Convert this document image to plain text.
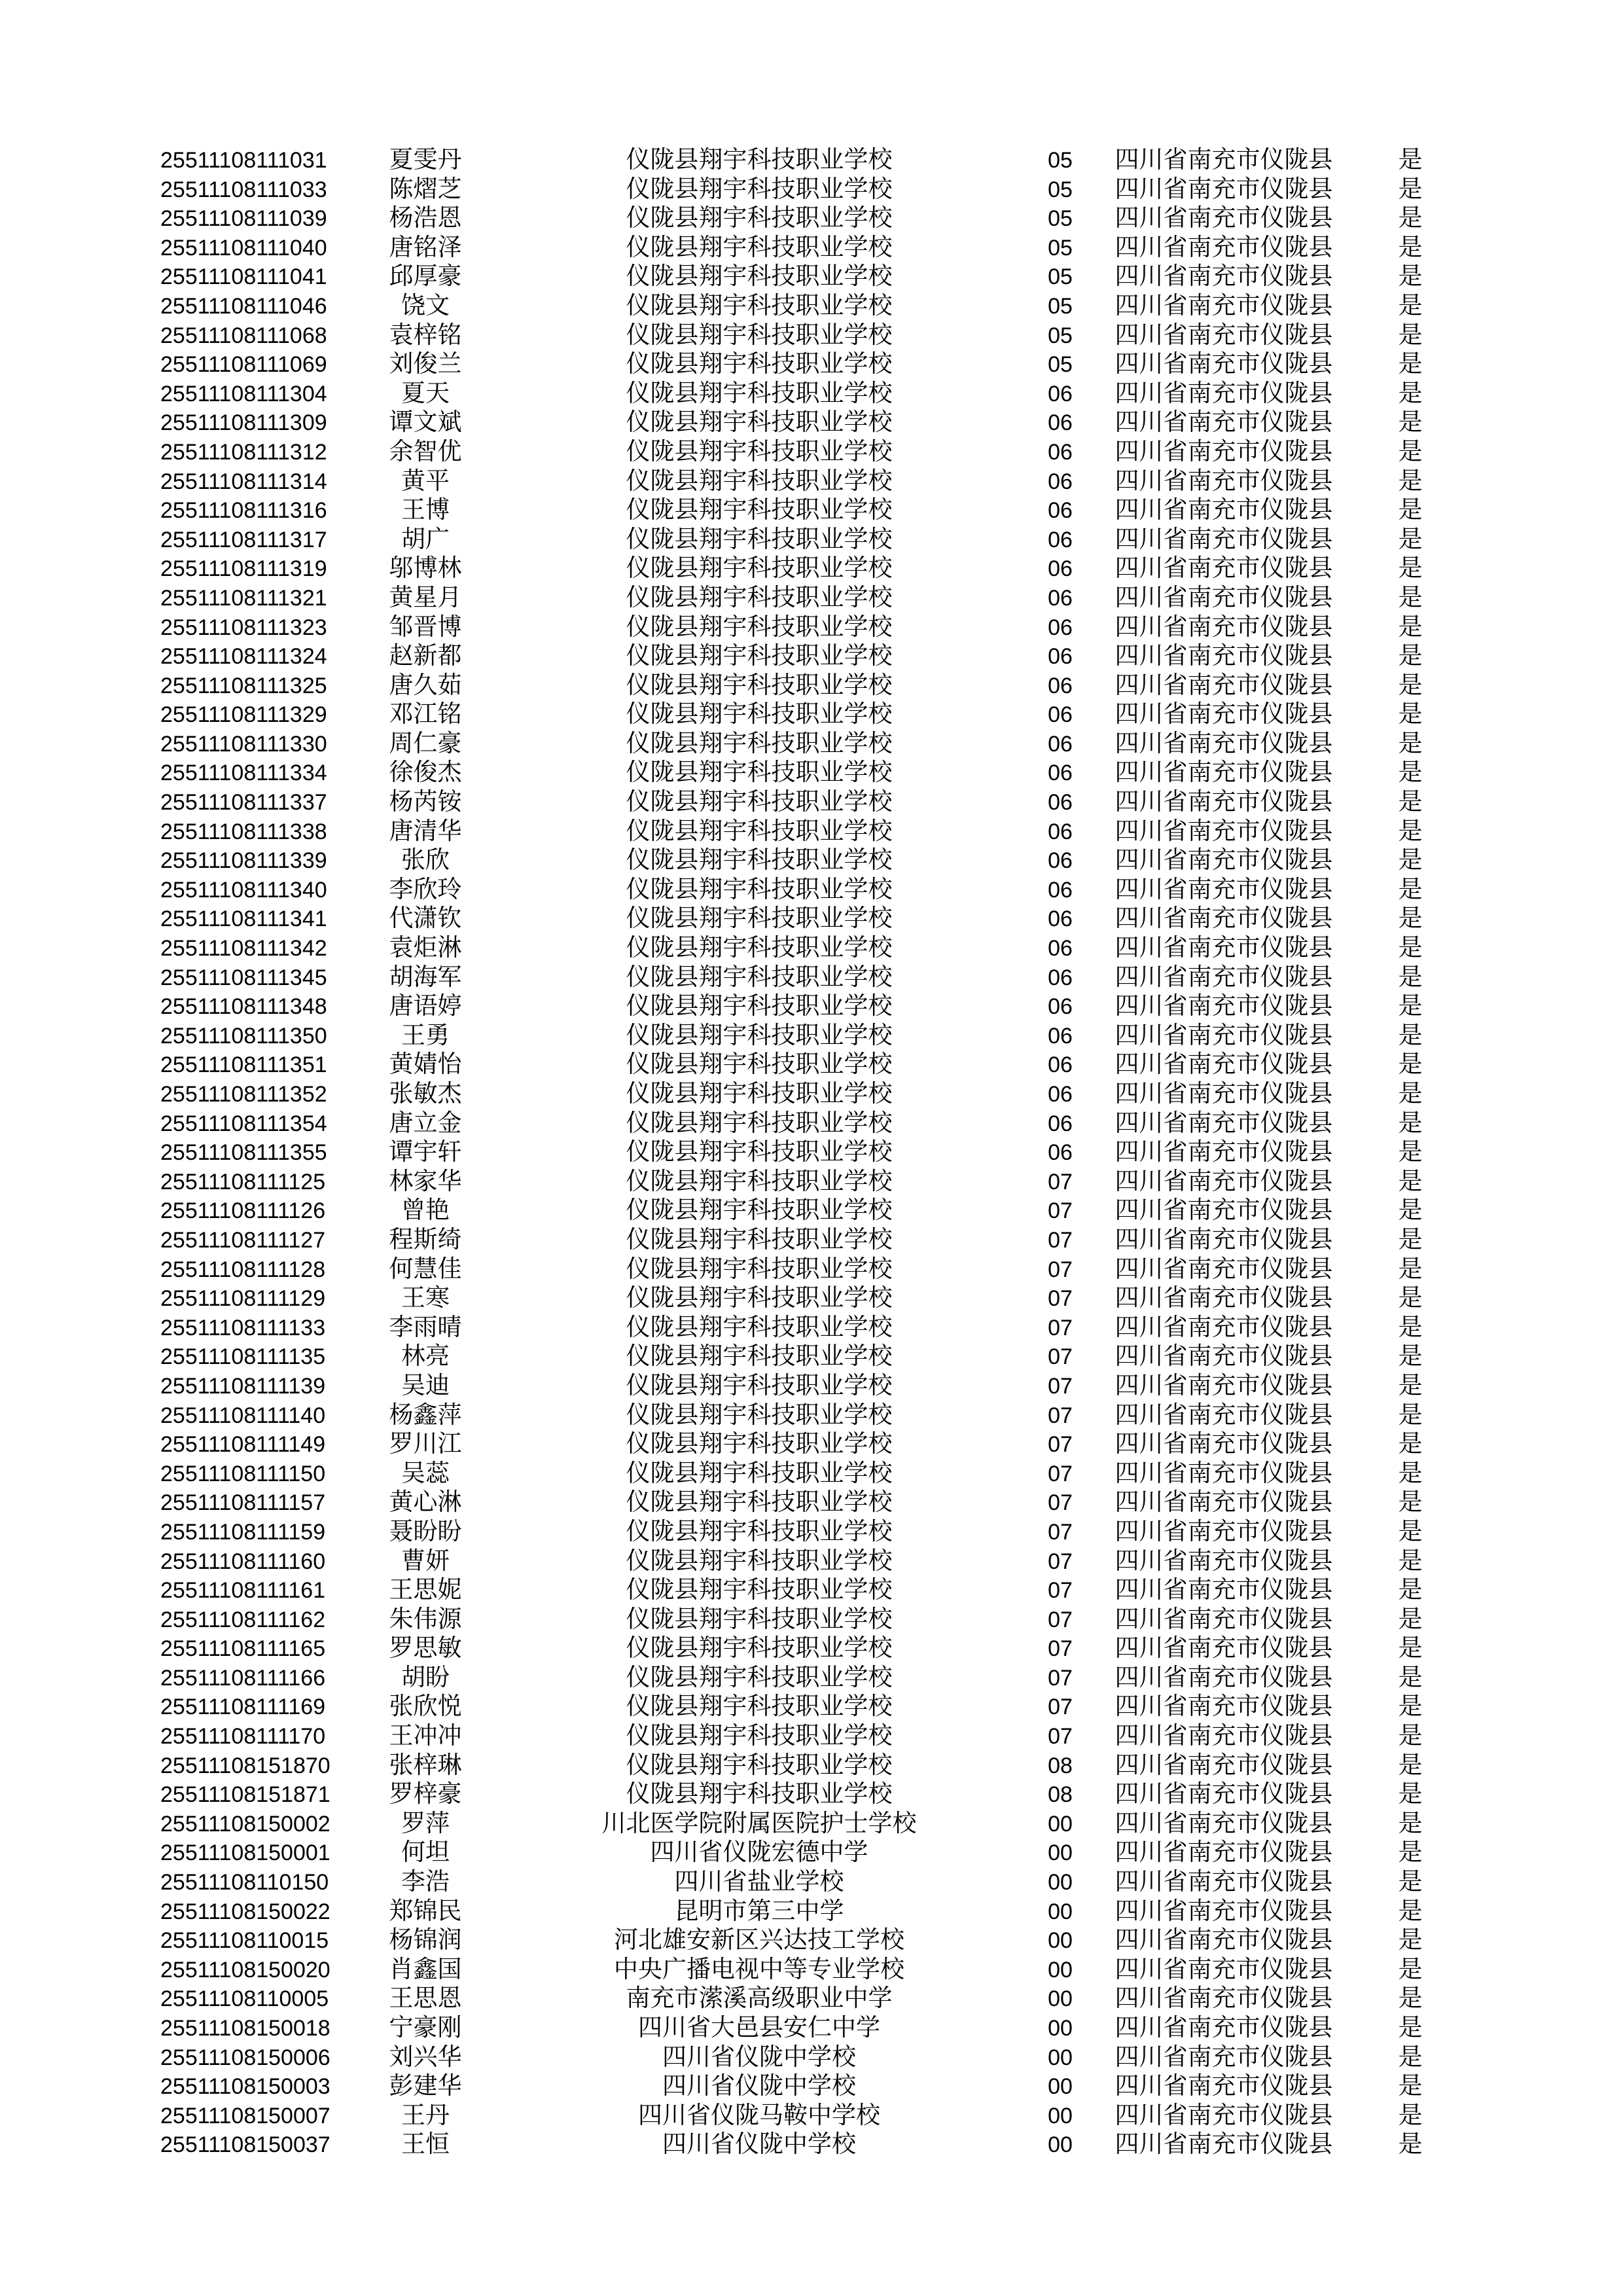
25511108111031	夏雯丹	仪陇县翔宇科技职业学校	05	四川省南充市仪陇县	是
25511108111033	陈熠芝	仪陇县翔宇科技职业学校	05	四川省南充市仪陇县	是
25511108111039	杨浩恩	仪陇县翔宇科技职业学校	05	四川省南充市仪陇县	是
25511108111040	唐铭泽	仪陇县翔宇科技职业学校	05	四川省南充市仪陇县	是
25511108111041	邱厚豪	仪陇县翔宇科技职业学校	05	四川省南充市仪陇县	是
25511108111046	饶文	仪陇县翔宇科技职业学校	05	四川省南充市仪陇县	是
25511108111068	袁梓铭	仪陇县翔宇科技职业学校	05	四川省南充市仪陇县	是
25511108111069	刘俊兰	仪陇县翔宇科技职业学校	05	四川省南充市仪陇县	是
25511108111304	夏天	仪陇县翔宇科技职业学校	06	四川省南充市仪陇县	是
25511108111309	谭文斌	仪陇县翔宇科技职业学校	06	四川省南充市仪陇县	是
25511108111312	余智优	仪陇县翔宇科技职业学校	06	四川省南充市仪陇县	是
25511108111314	黄平	仪陇县翔宇科技职业学校	06	四川省南充市仪陇县	是
25511108111316	王博	仪陇县翔宇科技职业学校	06	四川省南充市仪陇县	是
25511108111317	胡广	仪陇县翔宇科技职业学校	06	四川省南充市仪陇县	是
25511108111319	邬博林	仪陇县翔宇科技职业学校	06	四川省南充市仪陇县	是
25511108111321	黄星月	仪陇县翔宇科技职业学校	06	四川省南充市仪陇县	是
25511108111323	邹晋博	仪陇县翔宇科技职业学校	06	四川省南充市仪陇县	是
25511108111324	赵新都	仪陇县翔宇科技职业学校	06	四川省南充市仪陇县	是
25511108111325	唐久茹	仪陇县翔宇科技职业学校	06	四川省南充市仪陇县	是
25511108111329	邓江铭	仪陇县翔宇科技职业学校	06	四川省南充市仪陇县	是
25511108111330	周仁豪	仪陇县翔宇科技职业学校	06	四川省南充市仪陇县	是
25511108111334	徐俊杰	仪陇县翔宇科技职业学校	06	四川省南充市仪陇县	是
25511108111337	杨芮铵	仪陇县翔宇科技职业学校	06	四川省南充市仪陇县	是
25511108111338	唐清华	仪陇县翔宇科技职业学校	06	四川省南充市仪陇县	是
25511108111339	张欣	仪陇县翔宇科技职业学校	06	四川省南充市仪陇县	是
25511108111340	李欣玲	仪陇县翔宇科技职业学校	06	四川省南充市仪陇县	是
25511108111341	代潇钦	仪陇县翔宇科技职业学校	06	四川省南充市仪陇县	是
25511108111342	袁炬淋	仪陇县翔宇科技职业学校	06	四川省南充市仪陇县	是
25511108111345	胡海军	仪陇县翔宇科技职业学校	06	四川省南充市仪陇县	是
25511108111348	唐语婷	仪陇县翔宇科技职业学校	06	四川省南充市仪陇县	是
25511108111350	王勇	仪陇县翔宇科技职业学校	06	四川省南充市仪陇县	是
25511108111351	黄婧怡	仪陇县翔宇科技职业学校	06	四川省南充市仪陇县	是
25511108111352	张敏杰	仪陇县翔宇科技职业学校	06	四川省南充市仪陇县	是
25511108111354	唐立金	仪陇县翔宇科技职业学校	06	四川省南充市仪陇县	是
25511108111355	谭宇轩	仪陇县翔宇科技职业学校	06	四川省南充市仪陇县	是
25511108111125	林家华	仪陇县翔宇科技职业学校	07	四川省南充市仪陇县	是
25511108111126	曾艳	仪陇县翔宇科技职业学校	07	四川省南充市仪陇县	是
25511108111127	程斯绮	仪陇县翔宇科技职业学校	07	四川省南充市仪陇县	是
25511108111128	何慧佳	仪陇县翔宇科技职业学校	07	四川省南充市仪陇县	是
25511108111129	王寒	仪陇县翔宇科技职业学校	07	四川省南充市仪陇县	是
25511108111133	李雨晴	仪陇县翔宇科技职业学校	07	四川省南充市仪陇县	是
25511108111135	林亮	仪陇县翔宇科技职业学校	07	四川省南充市仪陇县	是
25511108111139	吴迪	仪陇县翔宇科技职业学校	07	四川省南充市仪陇县	是
25511108111140	杨鑫萍	仪陇县翔宇科技职业学校	07	四川省南充市仪陇县	是
25511108111149	罗川江	仪陇县翔宇科技职业学校	07	四川省南充市仪陇县	是
25511108111150	吴蕊	仪陇县翔宇科技职业学校	07	四川省南充市仪陇县	是
25511108111157	黄心淋	仪陇县翔宇科技职业学校	07	四川省南充市仪陇县	是
25511108111159	聂盼盼	仪陇县翔宇科技职业学校	07	四川省南充市仪陇县	是
25511108111160	曹妍	仪陇县翔宇科技职业学校	07	四川省南充市仪陇县	是
25511108111161	王思妮	仪陇县翔宇科技职业学校	07	四川省南充市仪陇县	是
25511108111162	朱伟源	仪陇县翔宇科技职业学校	07	四川省南充市仪陇县	是
25511108111165	罗思敏	仪陇县翔宇科技职业学校	07	四川省南充市仪陇县	是
25511108111166	胡盼	仪陇县翔宇科技职业学校	07	四川省南充市仪陇县	是
25511108111169	张欣悦	仪陇县翔宇科技职业学校	07	四川省南充市仪陇县	是
25511108111170	王冲冲	仪陇县翔宇科技职业学校	07	四川省南充市仪陇县	是
25511108151870	张梓琳	仪陇县翔宇科技职业学校	08	四川省南充市仪陇县	是
25511108151871	罗梓豪	仪陇县翔宇科技职业学校	08	四川省南充市仪陇县	是
25511108150002	罗萍	川北医学院附属医院护士学校	00	四川省南充市仪陇县	是
25511108150001	何坦	四川省仪陇宏德中学	00	四川省南充市仪陇县	是
25511108110150	李浩	四川省盐业学校	00	四川省南充市仪陇县	是
25511108150022	郑锦民	昆明市第三中学	00	四川省南充市仪陇县	是
25511108110015	杨锦润	河北雄安新区兴达技工学校	00	四川省南充市仪陇县	是
25511108150020	肖鑫国	中央广播电视中等专业学校	00	四川省南充市仪陇县	是
25511108110005	王思恩	南充市潆溪高级职业中学	00	四川省南充市仪陇县	是
25511108150018	宁豪刚	四川省大邑县安仁中学	00	四川省南充市仪陇县	是
25511108150006	刘兴华	四川省仪陇中学校	00	四川省南充市仪陇县	是
25511108150003	彭建华	四川省仪陇中学校	00	四川省南充市仪陇县	是
25511108150007	王丹	四川省仪陇马鞍中学校	00	四川省南充市仪陇县	是
25511108150037	王恒	四川省仪陇中学校	00	四川省南充市仪陇县	是
